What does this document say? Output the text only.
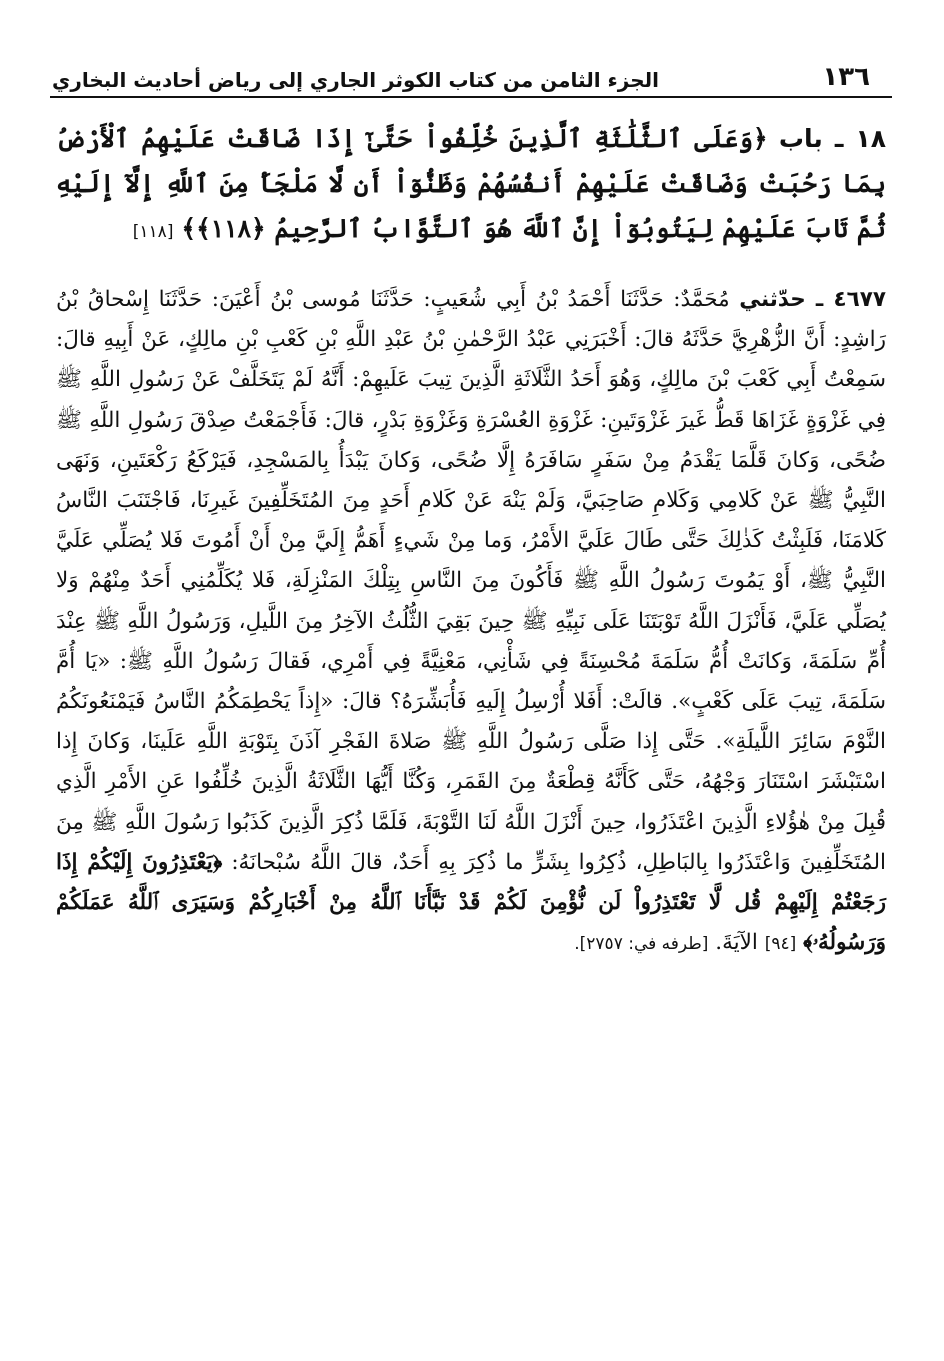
١٣٦
الجزء الثامن من كتاب الكوثر الجاري إلى رياض أحاديث البخاري

١٨ ـ باب ﴿وَعَلَى ٱلثَّلَٰثَةِ ٱلَّذِينَ خُلِّفُواْ حَتَّىٰٓ إِذَا ضَاقَتْ عَلَيْهِمُ ٱلْأَرْضُ بِمَا رَحُبَتْ وَضَاقَتْ عَلَيْهِمْ أَنفُسُهُمْ وَظَنُّوٓاْ أَن لَّا مَلْجَأَ مِنَ ٱللَّهِ إِلَّآ إِلَيْهِ ثُمَّ تَابَ عَلَيْهِمْ لِيَتُوبُوٓاْ إِنَّ ٱللَّهَ هُوَ ٱلتَّوَّابُ ٱلرَّحِيمُ ﴿١١٨﴾﴾ [١١٨]

٤٦٧٧ ـ حدّثني مُحَمَّدٌ: حَدَّثَنَا أَحْمَدُ بْنُ أَبِي شُعَيبٍ: حَدَّثَنَا مُوسى بْنُ أَعْيَنَ: حَدَّثَنَا إِسْحاقُ بْنُ رَاشِدٍ: أَنَّ الزُّهْرِيَّ حَدَّثَهُ قالَ: أَخْبَرَنِي عَبْدُ الرَّحْمٰنِ بْنُ عَبْدِ اللَّهِ بْنِ كَعْبِ بْنِ مالِكٍ، عَنْ أَبِيهِ قالَ: سَمِعْتُ أَبِي كَعْبَ بْنَ مالِكٍ، وَهُوَ أَحَدُ الثَّلَاثَةِ الَّذِينَ تِيبَ عَلَيهِمْ: أَنَّهُ لَمْ يَتَخَلَّفْ عَنْ رَسُولِ اللَّهِ ﷺ فِي غَزْوَةٍ غَزَاهَا قَطُّ غَيرَ غَزْوَتَينِ: غَزْوَةِ العُسْرَةِ وَغَزْوَةِ بَدْرٍ، قالَ: فَأَجْمَعْتُ صِدْقَ رَسُولِ اللَّهِ ﷺ ضُحًى، وَكانَ قَلَّمَا يَقْدَمُ مِنْ سَفَرٍ سَافَرَهُ إِلَّا ضُحًى، وَكانَ يَبْدَأُ بِالمَسْجِدِ، فَيَرْكَعُ رَكْعَتَينِ، وَنَهَى النَّبِيُّ ﷺ عَنْ كَلامِي وَكَلامِ صَاحِبَيَّ، وَلَمْ يَنْهَ عَنْ كَلامِ أَحَدٍ مِنَ المُتَخَلِّفِينَ غَيرِنَا، فَاجْتَنَبَ النَّاسُ كَلامَنَا، فَلَبِثْتُ كَذٰلِكَ حَتَّى طَالَ عَلَيَّ الأَمْرُ، وَما مِنْ شَيءٍ أَهَمُّ إِلَيَّ مِنْ أَنْ أَمُوتَ فَلا يُصَلِّي عَلَيَّ النَّبِيُّ ﷺ، أَوْ يَمُوتَ رَسُولُ اللَّهِ ﷺ فَأَكُونَ مِنَ النَّاسِ بِتِلْكَ المَنْزِلَةِ، فَلا يُكَلِّمُنِي أَحَدٌ مِنْهُمْ وَلا يُصَلِّي عَلَيَّ، فَأَنْزَلَ اللَّهُ تَوْبَتَنَا عَلَى نَبِيِّهِ ﷺ حِينَ بَقِيَ الثُّلُثُ الآخِرُ مِنَ اللَّيلِ، وَرَسُولُ اللَّهِ ﷺ عِنْدَ أُمِّ سَلَمَةَ، وَكانَتْ أُمُّ سَلَمَةَ مُحْسِنَةً فِي شَأْنِي، مَعْنِيَّةً فِي أَمْرِي، فَقالَ رَسُولُ اللَّهِ ﷺ: «يَا أُمَّ سَلَمَةَ، تِيبَ عَلَى كَعْبٍ». قالَتْ: أَفَلا أُرْسِلُ إِلَيهِ فَأُبَشِّرَهُ؟ قالَ: «إِذاً يَحْطِمَكُمُ النَّاسُ فَيَمْنَعُونَكُمُ النَّوْمَ سَائِرَ اللَّيلَةِ». حَتَّى إِذا صَلَّى رَسُولُ اللَّهِ ﷺ صَلاةَ الفَجْرِ آذَنَ بِتَوْبَةِ اللَّهِ عَلَينَا، وَكانَ إِذا اسْتَبْشَرَ اسْتَنَارَ وَجْهُهُ، حَتَّى كَأَنَّهُ قِطْعَةٌ مِنَ القَمَرِ، وَكُنَّا أَيُّهَا الثَّلَاثَةُ الَّذِينَ خُلِّفُوا عَنِ الأَمْرِ الَّذِي قُبِلَ مِنْ هٰؤُلاءِ الَّذِينَ اعْتَذَرُوا، حِينَ أَنْزَلَ اللَّهُ لَنَا التَّوْبَةَ، فَلَمَّا ذُكِرَ الَّذِينَ كَذَبُوا رَسُولَ اللَّهِ ﷺ مِنَ المُتَخَلِّفِينَ وَاعْتَذَرُوا بِالبَاطِلِ، ذُكِرُوا بِشَرٍّ ما ذُكِرَ بِهِ أَحَدٌ، قالَ اللَّهُ سُبْحانَهُ: ﴿يَعْتَذِرُونَ إِلَيْكُمْ إِذَا رَجَعْتُمْ إِلَيْهِمْ قُل لَّا تَعْتَذِرُواْ لَن نُّؤْمِنَ لَكُمْ قَدْ نَبَّأَنَا ٱللَّهُ مِنْ أَخْبَارِكُمْ وَسَيَرَى ٱللَّهُ عَمَلَكُمْ وَرَسُولُهُۥ﴾ [٩٤] الآيَةَ. [طرفه في: ٢٧٥٧].
